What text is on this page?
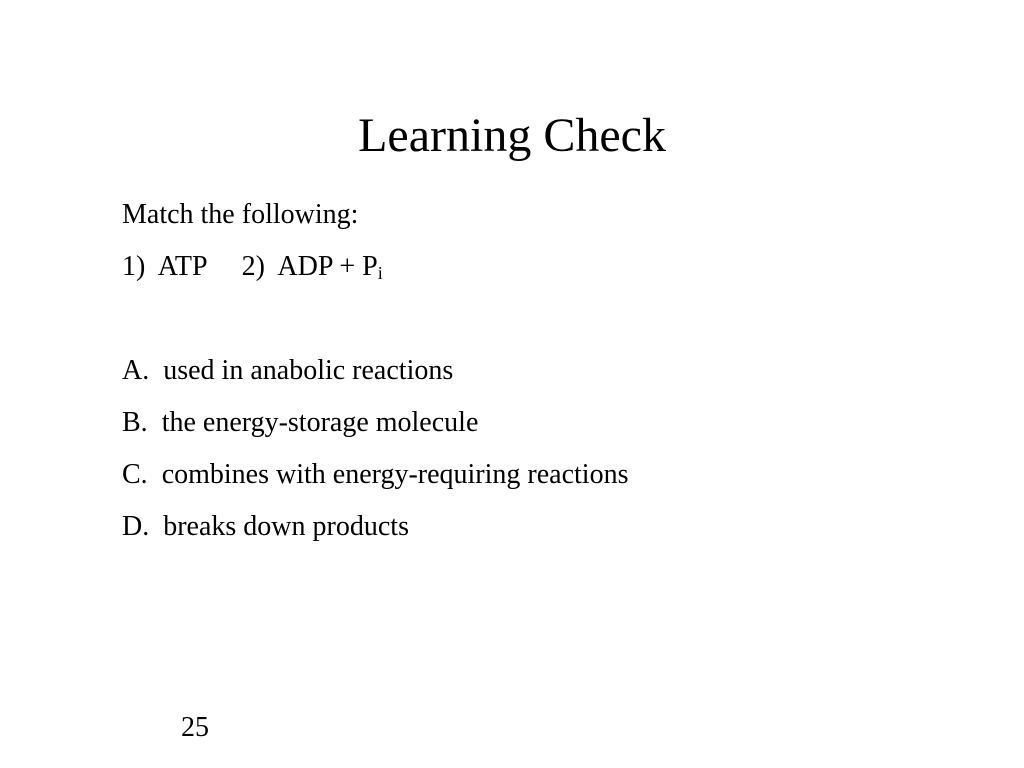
Learning Check
Match the following:
1) ATP 2) ADP + $P_i$
A. used in anabolic reactions
B. the energy-storage molecule
C. combines with energy-requiring reactions
D. breaks down products
25
